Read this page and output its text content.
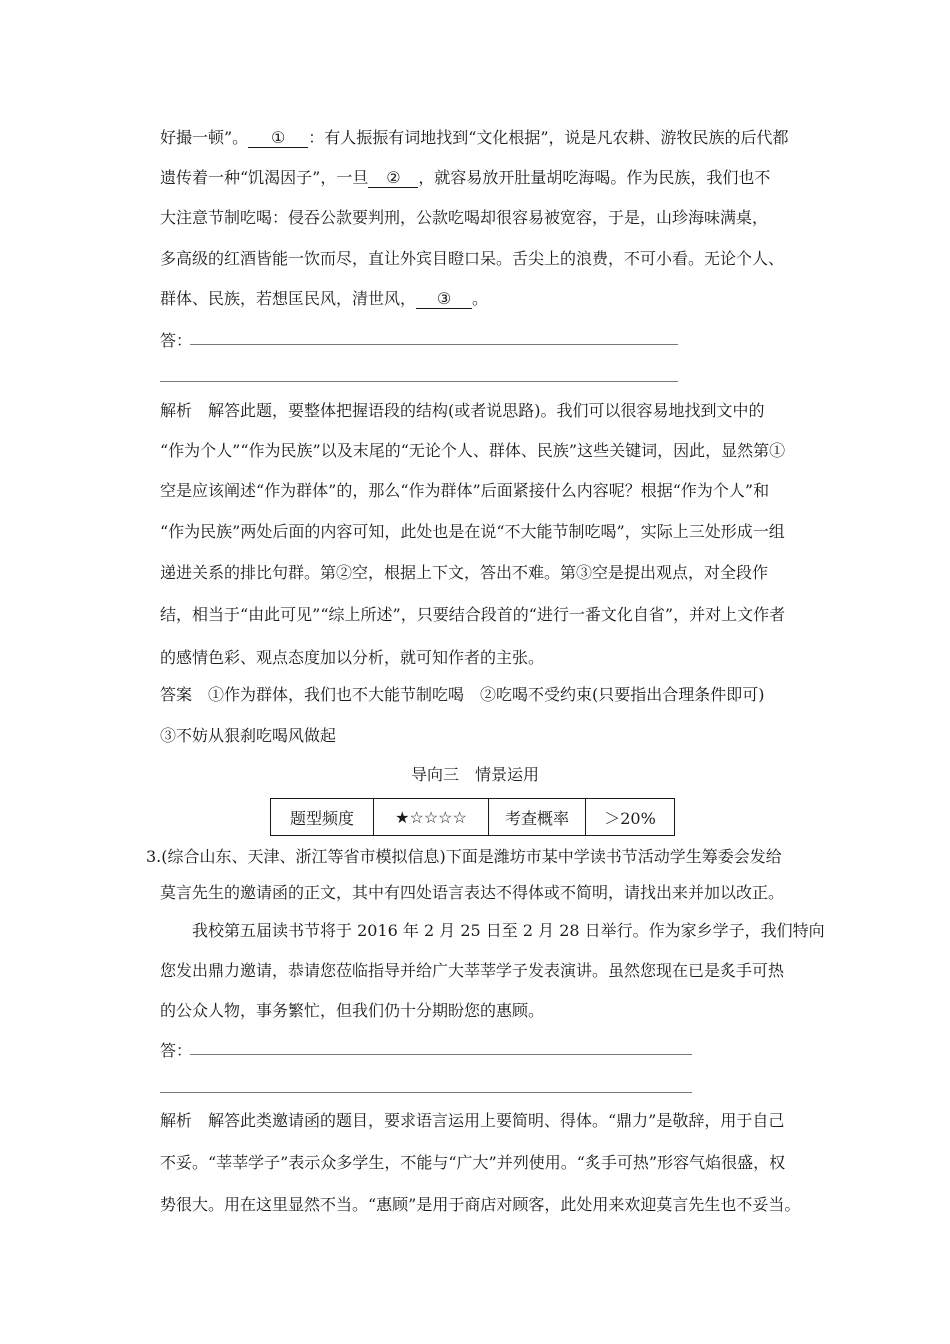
好撮一顿”。 ① ：有人振振有词地找到“文化根据”，说是凡农耕、游牧民族的后代都
遗传着一种“饥渴因子”，一旦 ② ，就容易放开肚量胡吃海喝。作为民族，我们也不
大注意节制吃喝：侵吞公款要判刑，公款吃喝却很容易被宽容，于是，山珍海味满桌，
多高级的红酒皆能一饮而尽，直让外宾目瞪口呆。舌尖上的浪费，不可小看。无论个人、
群体、民族，若想匡民风，清世风， ③ 。
答：
解析　解答此题，要整体把握语段的结构(或者说思路)。我们可以很容易地找到文中的
“作为个人”“作为民族”以及末尾的“无论个人、群体、民族”这些关键词，因此，显然第①
空是应该阐述“作为群体”的，那么“作为群体”后面紧接什么内容呢？根据“作为个人”和
“作为民族”两处后面的内容可知，此处也是在说“不大能节制吃喝”，实际上三处形成一组
递进关系的排比句群。第②空，根据上下文，答出不难。第③空是提出观点，对全段作
结，相当于“由此可见”“综上所述”，只要结合段首的“进行一番文化自省”，并对上文作者
的感情色彩、观点态度加以分析，就可知作者的主张。
答案　①作为群体，我们也不大能节制吃喝　②吃喝不受约束(只要指出合理条件即可)
③不妨从狠刹吃喝风做起
导向三　情景运用
题型频度	★☆☆☆☆	考查概率	＞20%
3.(综合山东、天津、浙江等省市模拟信息)下面是潍坊市某中学读书节活动学生筹委会发给
莫言先生的邀请函的正文，其中有四处语言表达不得体或不简明，请找出来并加以改正。
我校第五届读书节将于 2016 年 2 月 25 日至 2 月 28 日举行。作为家乡学子，我们特向
您发出鼎力邀请，恭请您莅临指导并给广大莘莘学子发表演讲。虽然您现在已是炙手可热
的公众人物，事务繁忙，但我们仍十分期盼您的惠顾。
答：
解析　解答此类邀请函的题目，要求语言运用上要简明、得体。“鼎力”是敬辞，用于自己
不妥。“莘莘学子”表示众多学生，不能与“广大”并列使用。“炙手可热”形容气焰很盛，权
势很大。用在这里显然不当。“惠顾”是用于商店对顾客，此处用来欢迎莫言先生也不妥当。
